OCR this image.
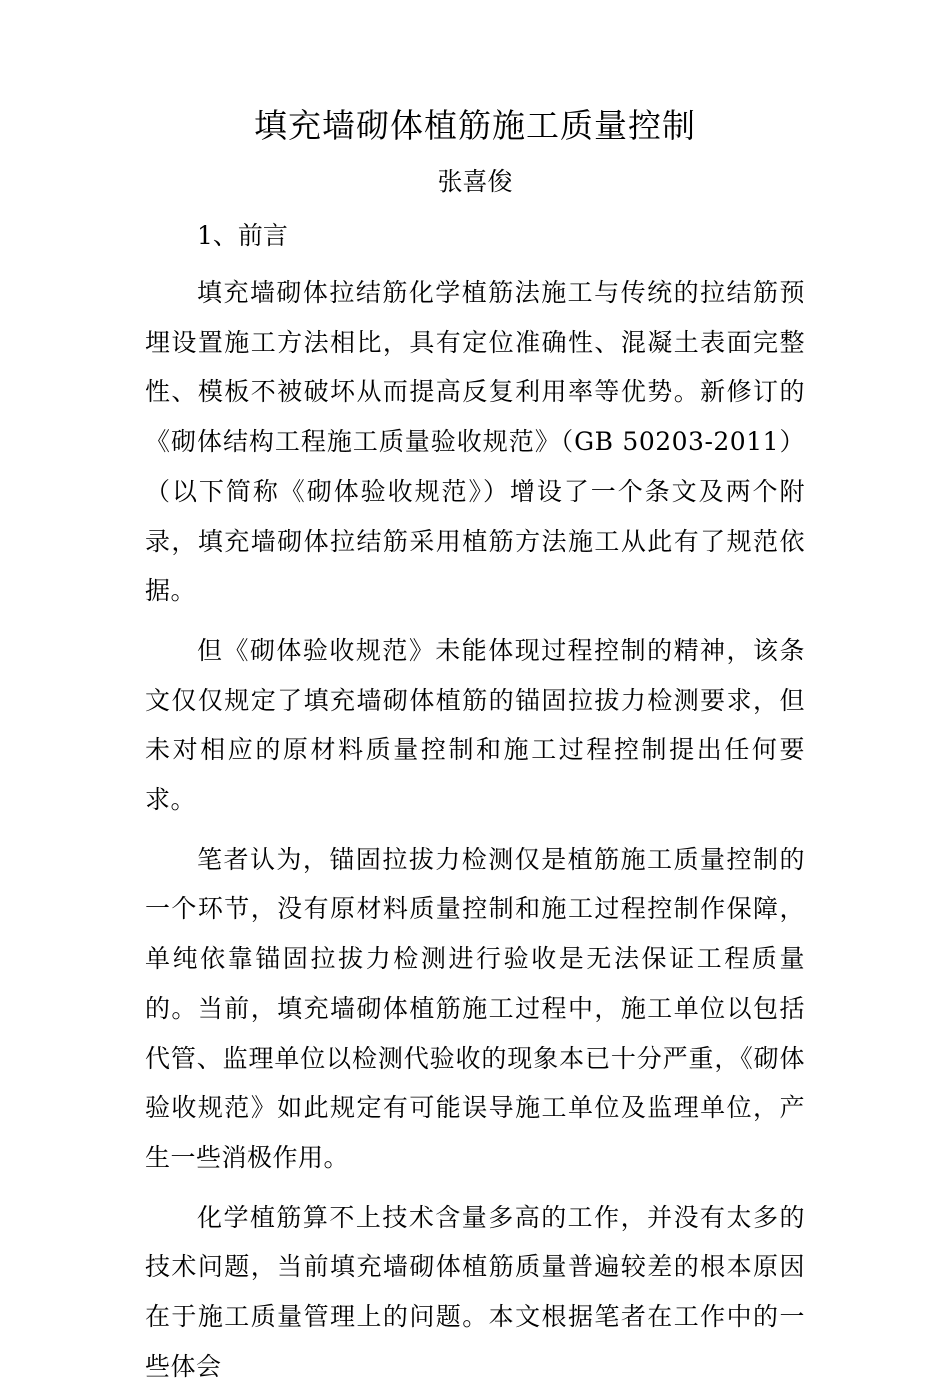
填充墙砌体植筋施工质量控制
张喜俊
1、前言

填充墙砌体拉结筋化学植筋法施工与传统的拉结筋预埋设置施工方法相比，具有定位准确性、混凝土表面完整性、模板不被破坏从而提高反复利用率等优势。新修订的《砌体结构工程施工质量验收规范》（GB 50203-2011）（以下简称《砌体验收规范》）增设了一个条文及两个附录，填充墙砌体拉结筋采用植筋方法施工从此有了规范依据。

但《砌体验收规范》未能体现过程控制的精神，该条文仅仅规定了填充墙砌体植筋的锚固拉拔力检测要求，但未对相应的原材料质量控制和施工过程控制提出任何要求。

笔者认为，锚固拉拔力检测仅是植筋施工质量控制的一个环节，没有原材料质量控制和施工过程控制作保障，单纯依靠锚固拉拔力检测进行验收是无法保证工程质量的。当前，填充墙砌体植筋施工过程中，施工单位以包括代管、监理单位以检测代验收的现象本已十分严重，《砌体验收规范》如此规定有可能误导施工单位及监理单位，产生一些消极作用。

化学植筋算不上技术含量多高的工作，并没有太多的技术问题，当前填充墙砌体植筋质量普遍较差的根本原因在于施工质量管理上的问题。本文根据笔者在工作中的一些体会
